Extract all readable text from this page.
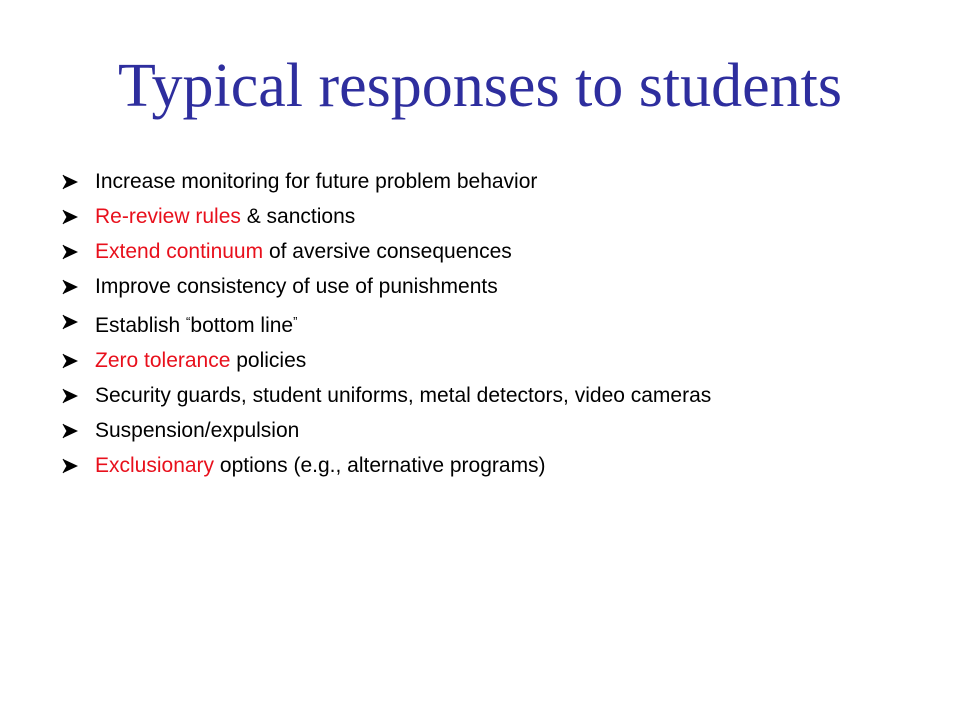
Typical responses to students
Increase monitoring for future problem behavior
Re-review rules & sanctions
Extend continuum of aversive consequences
Improve consistency of use of punishments
Establish “bottom line”
Zero tolerance policies
Security guards, student uniforms, metal detectors, video cameras
Suspension/expulsion
Exclusionary options (e.g., alternative programs)
